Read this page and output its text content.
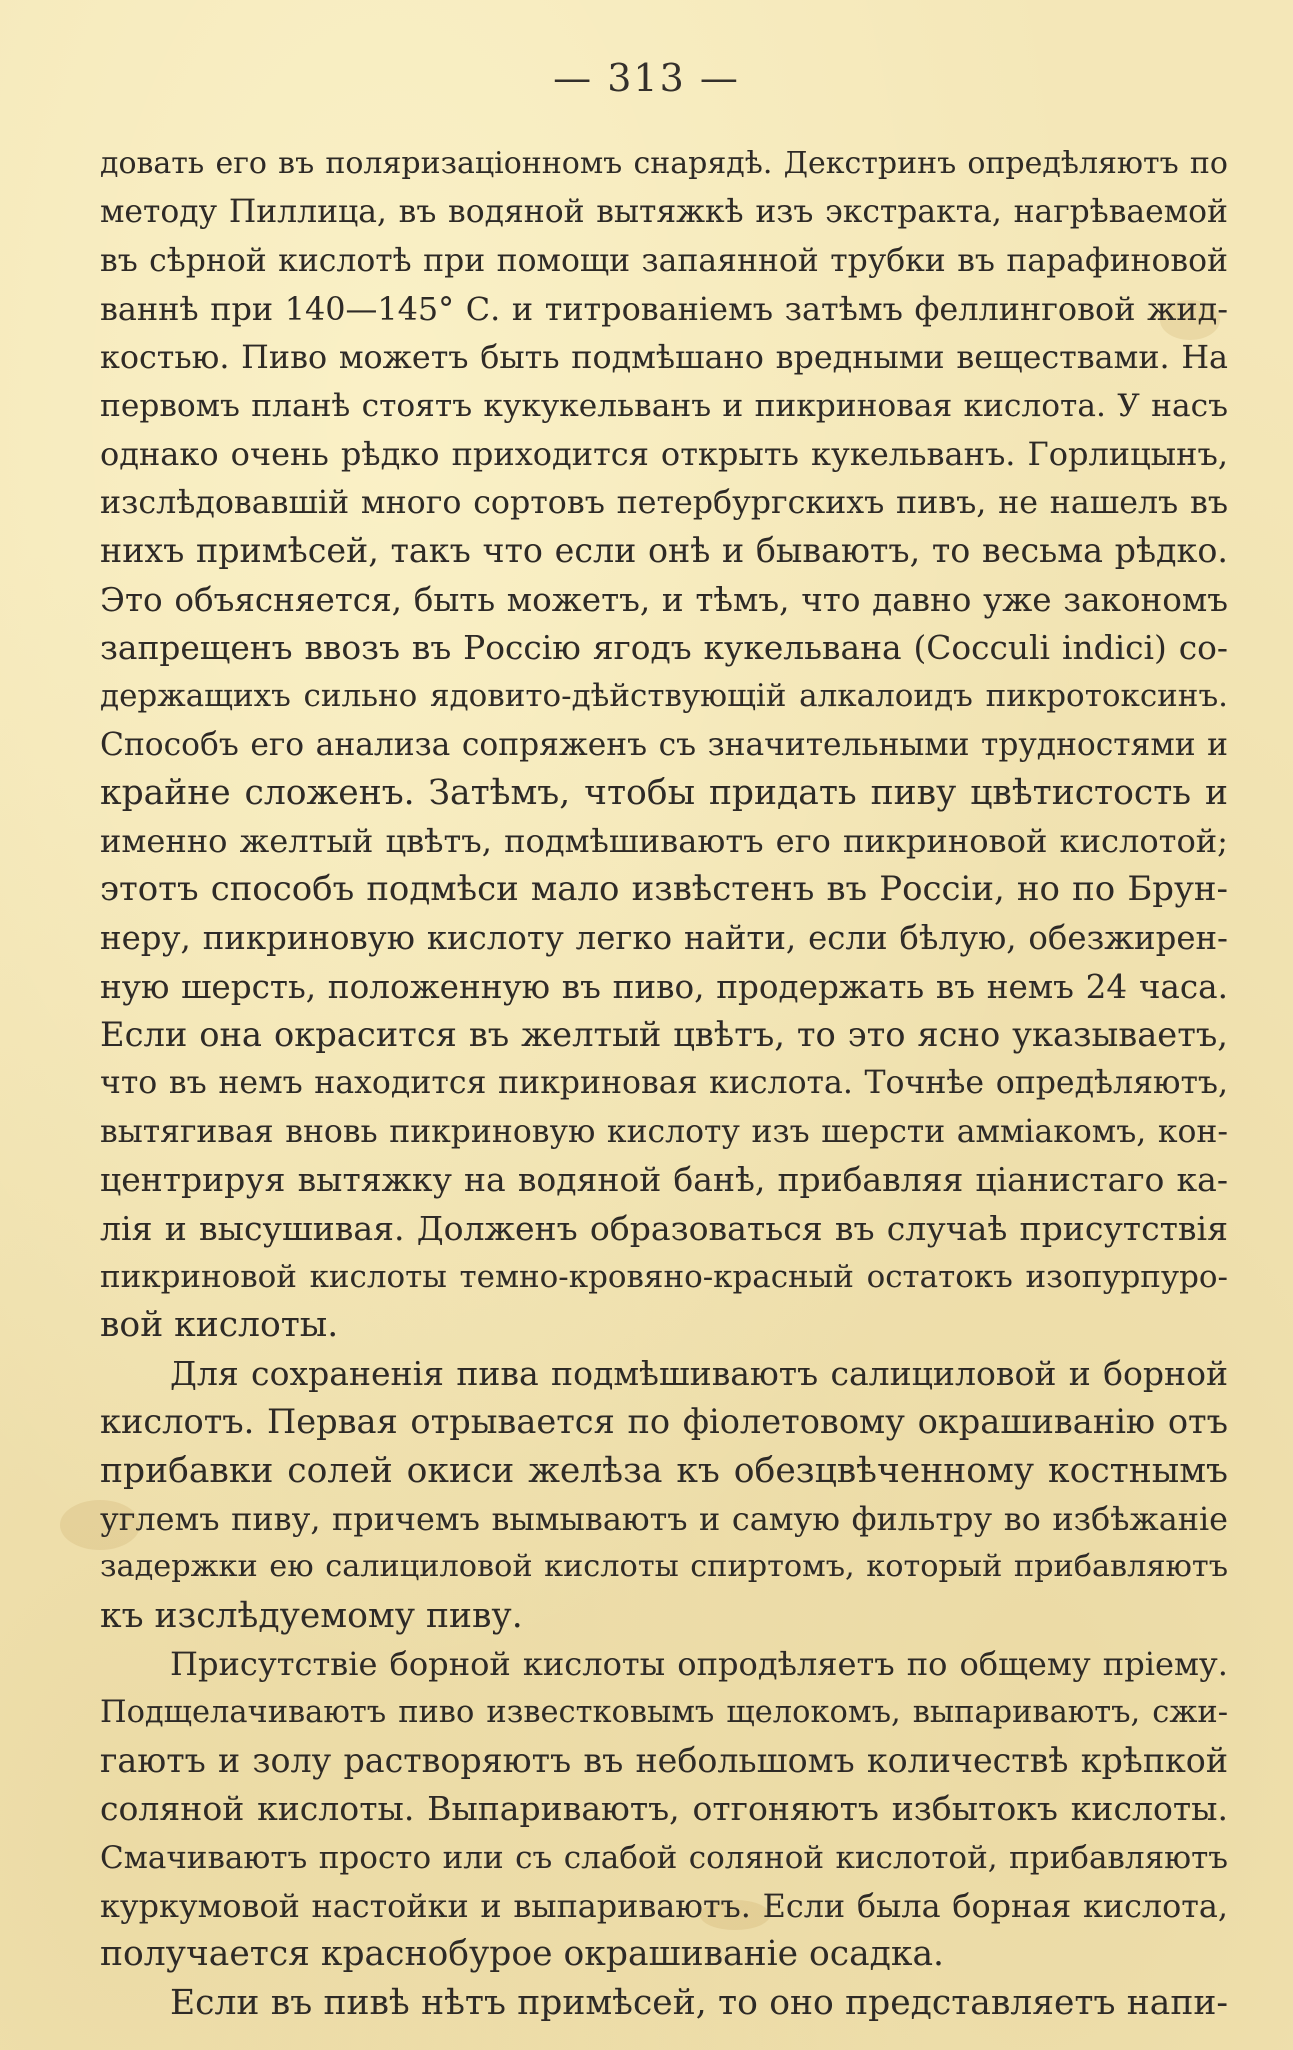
— 313 —
довать его въ поляризаціонномъ снарядѣ. Декстринъ опредѣляютъ по
методу Пиллица, въ водяной вытяжкѣ изъ экстракта, нагрѣваемой
въ сѣрной кислотѣ при помощи запаянной трубки въ парафиновой
ваннѣ при 140—145° С. и титрованіемъ затѣмъ феллинговой жид-
костью. Пиво можетъ быть подмѣшано вредными веществами. На
первомъ планѣ стоятъ кукукельванъ и пикриновая кислота. У насъ
однако очень рѣдко приходится открыть кукельванъ. Горлицынъ,
изслѣдовавшій много сортовъ петербургскихъ пивъ, не нашелъ въ
нихъ примѣсей, такъ что если онѣ и бываютъ, то весьма рѣдко.
Это объясняется, быть можетъ, и тѣмъ, что давно уже закономъ
запрещенъ ввозъ въ Россію ягодъ кукельвана (Cocculi indici) со-
держащихъ сильно ядовито-дѣйствующій алкалоидъ пикротоксинъ.
Способъ его анализа сопряженъ съ значительными трудностями и
крайне сложенъ. Затѣмъ, чтобы придать пиву цвѣтистость и
именно желтый цвѣтъ, подмѣшиваютъ его пикриновой кислотой;
этотъ способъ подмѣси мало извѣстенъ въ Россіи, но по Брун-
неру, пикриновую кислоту легко найти, если бѣлую, обезжирен-
ную шерсть, положенную въ пиво, продержать въ немъ 24 часа.
Если она окрасится въ желтый цвѣтъ, то это ясно указываетъ,
что въ немъ находится пикриновая кислота. Точнѣе опредѣляютъ,
вытягивая вновь пикриновую кислоту изъ шерсти амміакомъ, кон-
центрируя вытяжку на водяной банѣ, прибавляя ціанистаго ка-
лія и высушивая. Долженъ образоваться въ случаѣ присутствія
пикриновой кислоты темно-кровяно-красный остатокъ изопурпуро-
вой кислоты.
Для сохраненія пива подмѣшиваютъ салициловой и борной
кислотъ. Первая отрывается по фіолетовому окрашиванію отъ
прибавки солей окиси желѣза къ обезцвѣченному костнымъ
углемъ пиву, причемъ вымываютъ и самую фильтру во избѣжаніе
задержки ею салициловой кислоты спиртомъ, который прибавляютъ
къ изслѣдуемому пиву.
Присутствіе борной кислоты опродѣляетъ по общему пріему.
Подщелачиваютъ пиво известковымъ щелокомъ, выпариваютъ, сжи-
гаютъ и золу растворяютъ въ небольшомъ количествѣ крѣпкой
соляной кислоты. Выпариваютъ, отгоняютъ избытокъ кислоты.
Смачиваютъ просто или съ слабой соляной кислотой, прибавляютъ
куркумовой настойки и выпариваютъ. Если была борная кислота,
получается краснобурое окрашиваніе осадка.
Если въ пивѣ нѣтъ примѣсей, то оно представляетъ напи-
